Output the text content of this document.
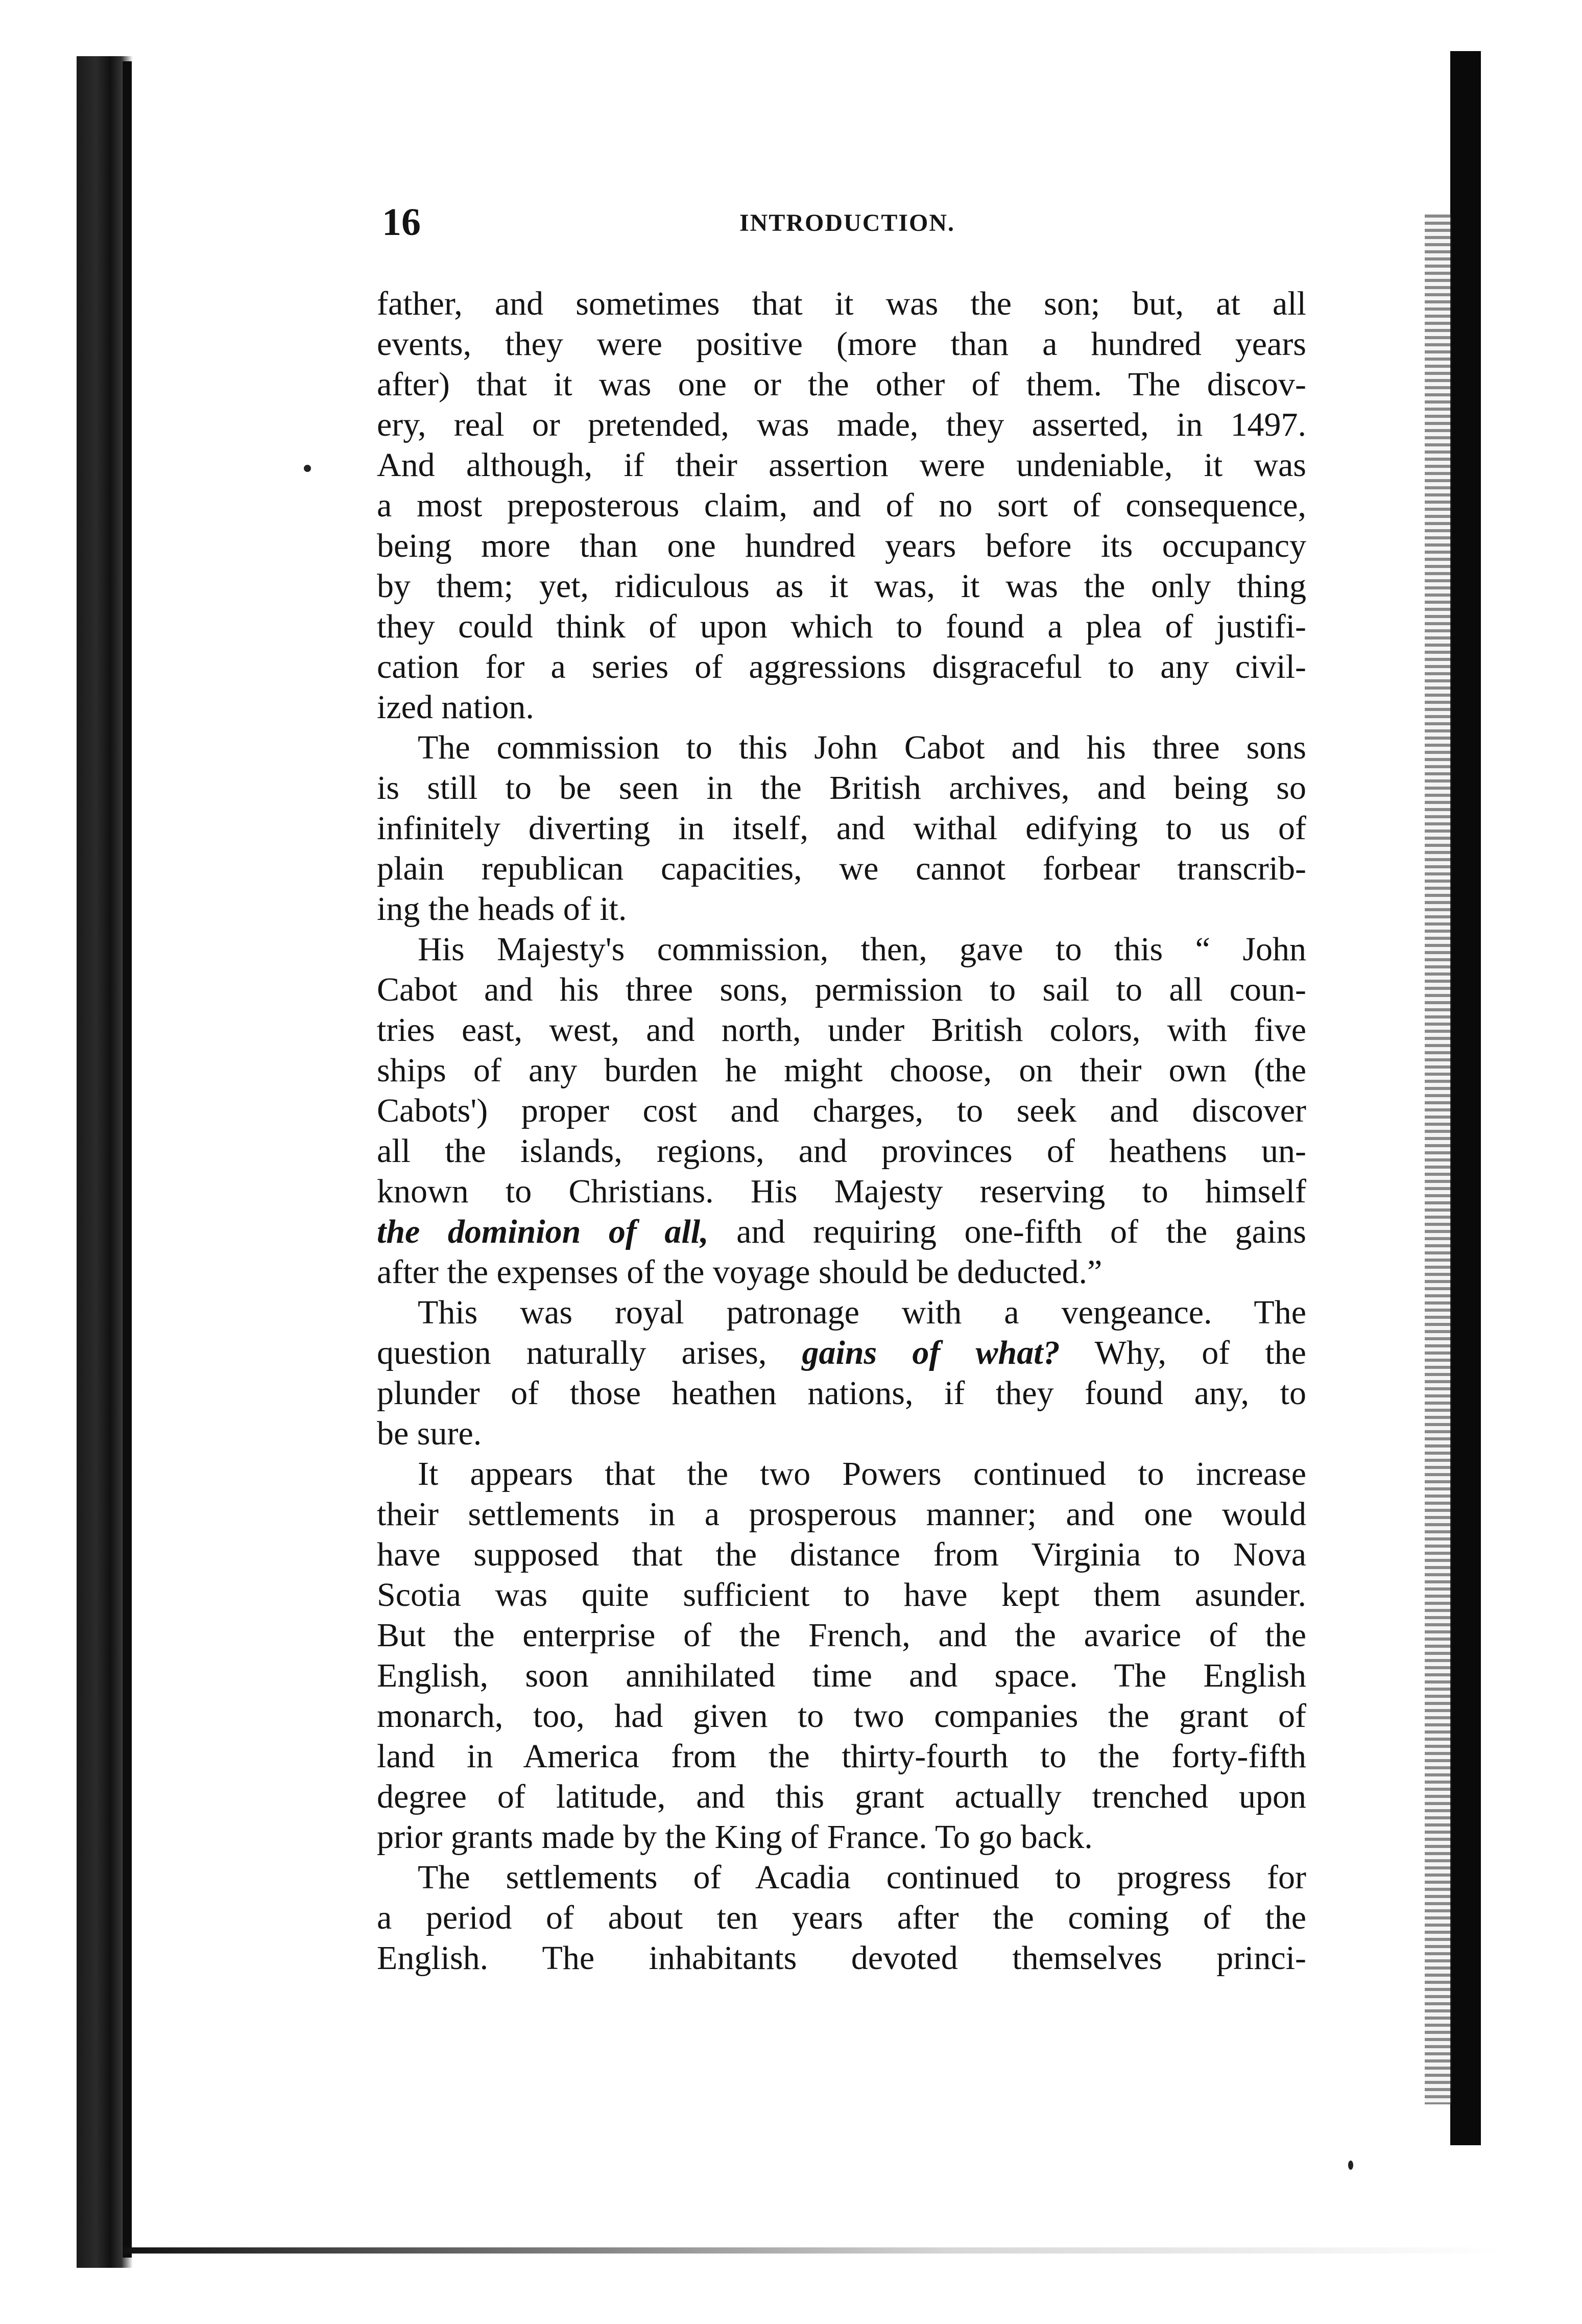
16	INTRODUCTION.
father, and sometimes that it was the son; but, at all
events, they were positive (more than a hundred years
after) that it was one or the other of them. The discov-
ery, real or pretended, was made, they asserted, in 1497.
And although, if their assertion were undeniable, it was
a most preposterous claim, and of no sort of consequence,
being more than one hundred years before its occupancy
by them; yet, ridiculous as it was, it was the only thing
they could think of upon which to found a plea of justifi-
cation for a series of aggressions disgraceful to any civil-
ized nation.
The commission to this John Cabot and his three sons
is still to be seen in the British archives, and being so
infinitely diverting in itself, and withal edifying to us of
plain republican capacities, we cannot forbear transcrib-
ing the heads of it.
His Majesty's commission, then, gave to this “ John
Cabot and his three sons, permission to sail to all coun-
tries east, west, and north, under British colors, with five
ships of any burden he might choose, on their own (the
Cabots') proper cost and charges, to seek and discover
all the islands, regions, and provinces of heathens un-
known to Christians. His Majesty reserving to himself
the dominion of all, and requiring one-fifth of the gains
after the expenses of the voyage should be deducted.”
This was royal patronage with a vengeance. The
question naturally arises, gains of what? Why, of the
plunder of those heathen nations, if they found any, to
be sure.
It appears that the two Powers continued to increase
their settlements in a prosperous manner; and one would
have supposed that the distance from Virginia to Nova
Scotia was quite sufficient to have kept them asunder.
But the enterprise of the French, and the avarice of the
English, soon annihilated time and space. The English
monarch, too, had given to two companies the grant of
land in America from the thirty-fourth to the forty-fifth
degree of latitude, and this grant actually trenched upon
prior grants made by the King of France. To go back.
The settlements of Acadia continued to progress for
a period of about ten years after the coming of the
English. The inhabitants devoted themselves princi-
